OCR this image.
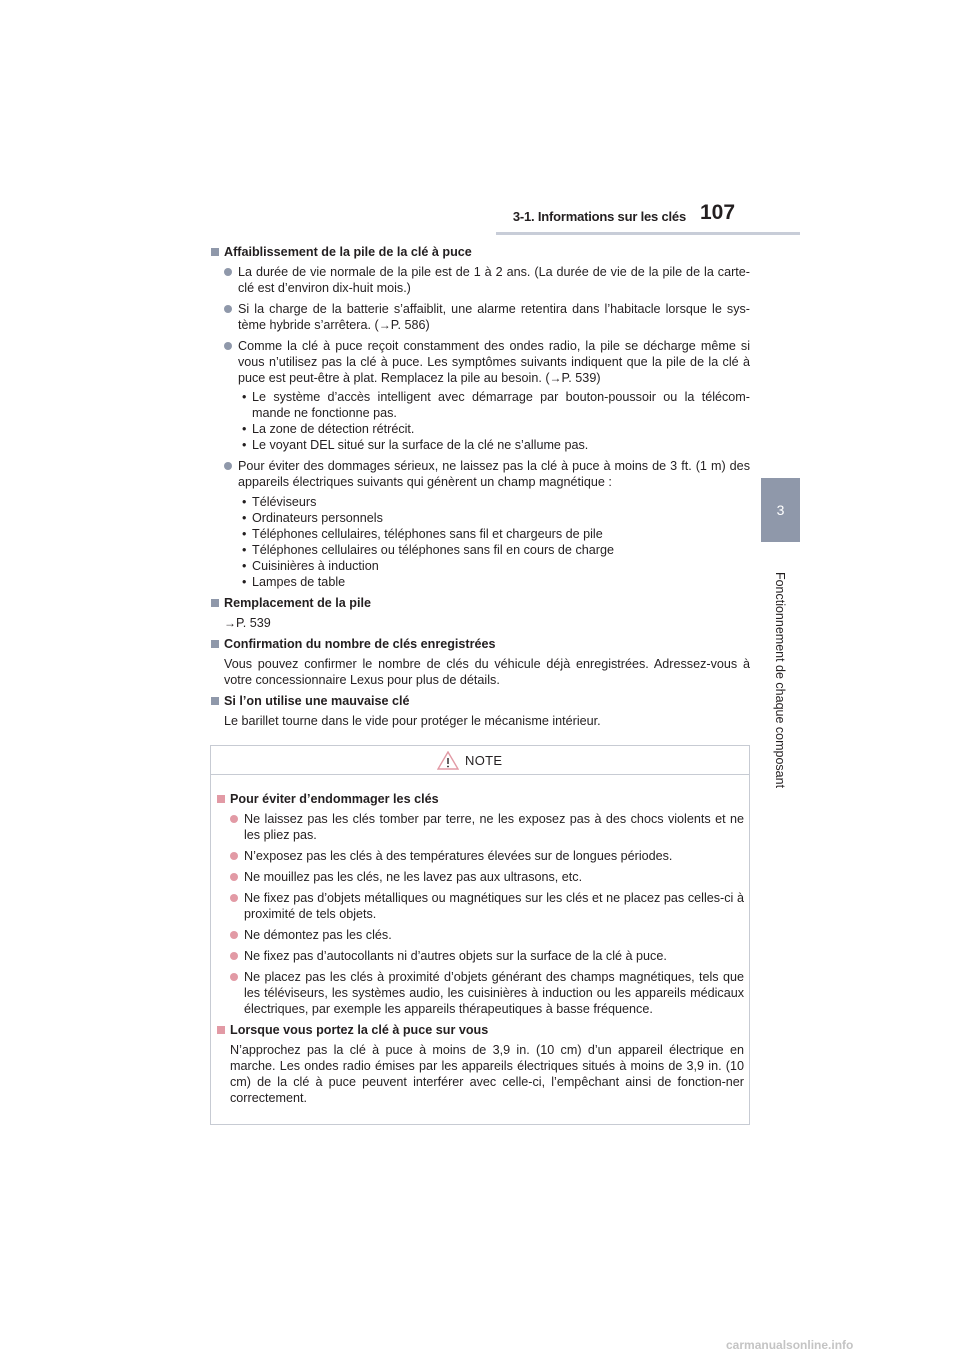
3-1. Informations sur les clés 107
3
Fonctionnement de chaque composant

Affaiblissement de la pile de la clé à puce

La durée de vie normale de la pile est de 1 à 2 ans. (La durée de vie de la pile de la carte-clé est d’environ dix-huit mois.)

Si la charge de la batterie s’affaiblit, une alarme retentira dans l’habitacle lorsque le sys-tème hybride s’arrêtera. (→P. 586)

Comme la clé à puce reçoit constamment des ondes radio, la pile se décharge même si vous n’utilisez pas la clé à puce. Les symptômes suivants indiquent que la pile de la clé à puce est peut-être à plat. Remplacez la pile au besoin. (→P. 539)

• Le système d’accès intelligent avec démarrage par bouton-poussoir ou la télécom-mande ne fonctionne pas.

• La zone de détection rétrécit.

• Le voyant DEL situé sur la surface de la clé ne s’allume pas.

Pour éviter des dommages sérieux, ne laissez pas la clé à puce à moins de 3 ft. (1 m) des appareils électriques suivants qui génèrent un champ magnétique :

• Téléviseurs

• Ordinateurs personnels

• Téléphones cellulaires, téléphones sans fil et chargeurs de pile

• Téléphones cellulaires ou téléphones sans fil en cours de charge

• Cuisinières à induction

• Lampes de table

Remplacement de la pile

→P. 539

Confirmation du nombre de clés enregistrées

Vous pouvez confirmer le nombre de clés du véhicule déjà enregistrées. Adressez-vous à votre concessionnaire Lexus pour plus de détails.

Si l’on utilise une mauvaise clé

Le barillet tourne dans le vide pour protéger le mécanisme intérieur.

NOTE

Pour éviter d’endommager les clés

Ne laissez pas les clés tomber par terre, ne les exposez pas à des chocs violents et ne les pliez pas.

N’exposez pas les clés à des températures élevées sur de longues périodes.

Ne mouillez pas les clés, ne les lavez pas aux ultrasons, etc.

Ne fixez pas d’objets métalliques ou magnétiques sur les clés et ne placez pas celles-ci à proximité de tels objets.

Ne démontez pas les clés.

Ne fixez pas d’autocollants ni d’autres objets sur la surface de la clé à puce.

Ne placez pas les clés à proximité d’objets générant des champs magnétiques, tels que les téléviseurs, les systèmes audio, les cuisinières à induction ou les appareils médicaux électriques, par exemple les appareils thérapeutiques à basse fréquence.

Lorsque vous portez la clé à puce sur vous

N’approchez pas la clé à puce à moins de 3,9 in. (10 cm) d’un appareil électrique en marche. Les ondes radio émises par les appareils électriques situés à moins de 3,9 in. (10 cm) de la clé à puce peuvent interférer avec celle-ci, l’empêchant ainsi de fonction-ner correctement.

carmanualsonline.info
